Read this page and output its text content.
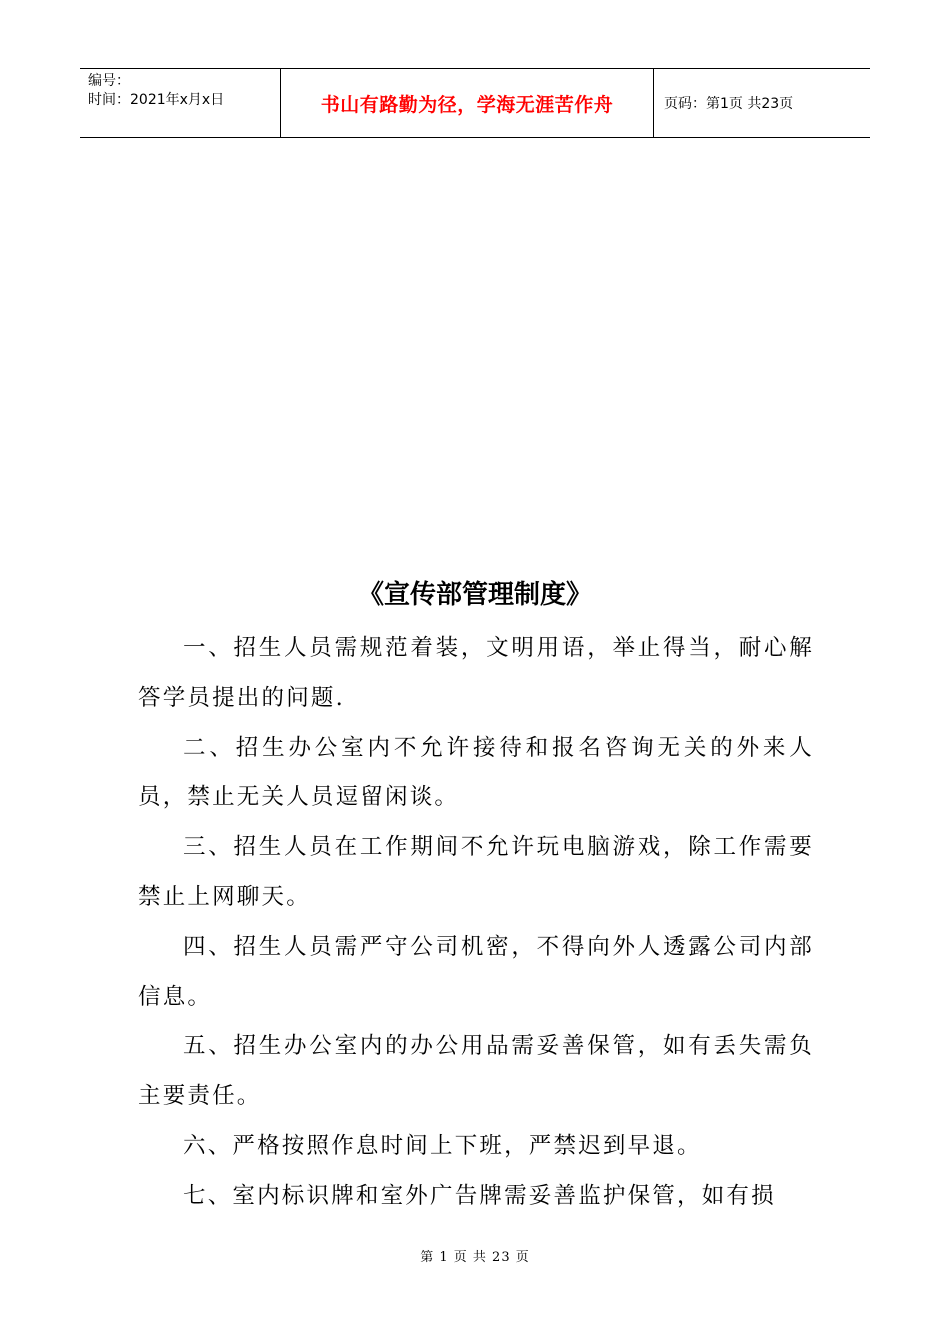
编号：
时间：2021年x月x日	书山有路勤为径，学海无涯苦作舟	页码：第1页 共23页
《宣传部管理制度》

一、招生人员需规范着装，文明用语，举止得当，耐心解答学员提出的问题.

二、招生办公室内不允许接待和报名咨询无关的外来人员，禁止无关人员逗留闲谈。

三、招生人员在工作期间不允许玩电脑游戏，除工作需要禁止上网聊天。

四、招生人员需严守公司机密，不得向外人透露公司内部信息。

五、招生办公室内的办公用品需妥善保管，如有丢失需负主要责任。

六、严格按照作息时间上下班，严禁迟到早退。

七、室内标识牌和室外广告牌需妥善监护保管，如有损

第 1 页 共 23 页
